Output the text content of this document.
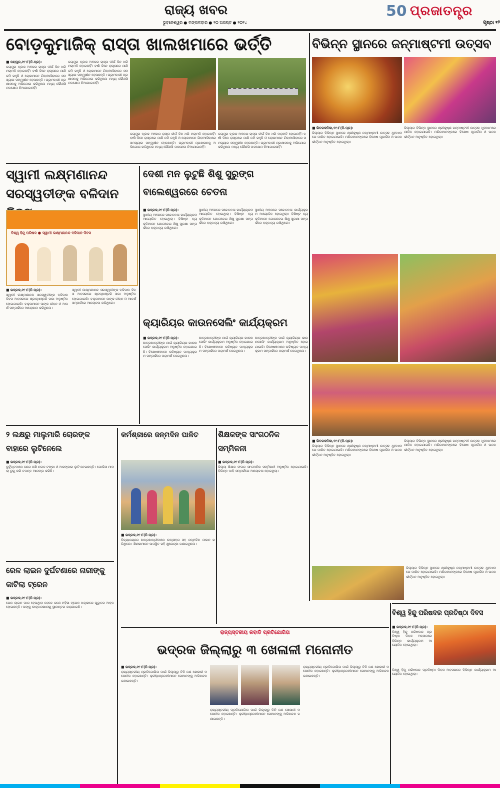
ରାଜ୍ୟ ଖବର
ଭୁବନେଶ୍ୱର ● ମଙ୍ଗଳବାର ● ୨୦ ଅଗଷ୍ଟ ● ୨୦୨୪
50 ପ୍ରଜାତନ୍ତ୍ର
ପୃଷ୍ଠା ୧୨
ବୋଡ଼କୁମାଜିକ୍ ରାସ୍ତା ଖାଲଖମାରେ ଭର୍ତ୍ତି
■ ଜୟପୁର,୧୯।୮(ନି.ପ୍ର):
ଜୟପୁର ବ୍ଲକ ଅଞ୍ଚଳର ରାସ୍ତା ଦୀର୍ଘ ଦିନ ଧରି ମରାମତି ହୋଇନାହିଁ। ବର୍ଷା ଦିନେ ରାସ୍ତାରେ ପାଣି ଜମି ରହୁଛି ଓ ଲୋକମାନେ ଯିବାଆସିବାରେ ସମସ୍ୟାର ସମ୍ମୁଖୀନ ହେଉଛନ୍ତି। ଗ୍ରାମବାସୀ ପ୍ରଶାସନକୁ ଅଭିଯୋଗ କରିଥିଲେ ମଧ୍ୟ କୌଣସି ପଦକ୍ଷେପ ନିଆଯାଇନାହିଁ।
ଜୟପୁର ବ୍ଲକ ଅଞ୍ଚଳର ରାସ୍ତା ଦୀର୍ଘ ଦିନ ଧରି ମରାମତି ହୋଇନାହିଁ। ବର୍ଷା ଦିନେ ରାସ୍ତାରେ ପାଣି ଜମି ରହୁଛି ଓ ଲୋକମାନେ ଯିବାଆସିବାରେ ସମସ୍ୟାର ସମ୍ମୁଖୀନ ହେଉଛନ୍ତି। ଗ୍ରାମବାସୀ ପ୍ରଶାସନକୁ ଅଭିଯୋଗ କରିଥିଲେ ମଧ୍ୟ କୌଣସି ପଦକ୍ଷେପ ନିଆଯାଇନାହିଁ।
ଜୟପୁର ବ୍ଲକ ଅଞ୍ଚଳର ରାସ୍ତା ଦୀର୍ଘ ଦିନ ଧରି ମରାମତି ହୋଇନାହିଁ। ବର୍ଷା ଦିନେ ରାସ୍ତାରେ ପାଣି ଜମି ରହୁଛି ଓ ଲୋକମାନେ ଯିବାଆସିବାରେ ସମସ୍ୟାର ସମ୍ମୁଖୀନ ହେଉଛନ୍ତି। ଗ୍ରାମବାସୀ ପ୍ରଶାସନକୁ ଅଭିଯୋଗ କରିଥିଲେ ମଧ୍ୟ କୌଣସି ପଦକ୍ଷେପ ନିଆଯାଇନାହିଁ।
ଜୟପୁର ବ୍ଲକ ଅଞ୍ଚଳର ରାସ୍ତା ଦୀର୍ଘ ଦିନ ଧରି ମରାମତି ହୋଇନାହିଁ। ବର୍ଷା ଦିନେ ରାସ୍ତାରେ ପାଣି ଜମି ରହୁଛି ଓ ଲୋକମାନେ ଯିବାଆସିବାରେ ସମସ୍ୟାର ସମ୍ମୁଖୀନ ହେଉଛନ୍ତି। ଗ୍ରାମବାସୀ ପ୍ରଶାସନକୁ ଅଭିଯୋଗ କରିଥିଲେ ମଧ୍ୟ କୌଣସି ପଦକ୍ଷେପ ନିଆଯାଇନାହିଁ।
ବିଭିନ୍ନ ସ୍ଥାନରେ ଜନ୍ମାଷ୍ଟମୀ ଉତ୍ସବ
■ ଭିତରକନିକା,୧୯।୮(ନି.ପ୍ର):
ଜିଲ୍ଲାର ବିଭିନ୍ନ ସ୍ଥାନରେ ଶ୍ରୀକୃଷ୍ଣ ଜନ୍ମାଷ୍ଟମୀ ଉତ୍ସବ ଧୁମଧାମରେ ପାଳିତ ହୋଇଯାଇଛି। ମନ୍ଦିରମାନଙ୍କରେ ବିଶେଷ ପୂଜାର୍ଚ୍ଚନା ଓ ଭଜନ କୀର୍ତ୍ତନ ଅନୁଷ୍ଠିତ ହୋଇଥିଲା।
ଜିଲ୍ଲାର ବିଭିନ୍ନ ସ୍ଥାନରେ ଶ୍ରୀକୃଷ୍ଣ ଜନ୍ମାଷ୍ଟମୀ ଉତ୍ସବ ଧୁମଧାମରେ ପାଳିତ ହୋଇଯାଇଛି। ମନ୍ଦିରମାନଙ୍କରେ ବିଶେଷ ପୂଜାର୍ଚ୍ଚନା ଓ ଭଜନ କୀର୍ତ୍ତନ ଅନୁଷ୍ଠିତ ହୋଇଥିଲା।
■ ଭିତରକନିକା,୧୯।୮(ନି.ପ୍ର):
ଜିଲ୍ଲାର ବିଭିନ୍ନ ସ୍ଥାନରେ ଶ୍ରୀକୃଷ୍ଣ ଜନ୍ମାଷ୍ଟମୀ ଉତ୍ସବ ଧୁମଧାମରେ ପାଳିତ ହୋଇଯାଇଛି। ମନ୍ଦିରମାନଙ୍କରେ ବିଶେଷ ପୂଜାର୍ଚ୍ଚନା ଓ ଭଜନ କୀର୍ତ୍ତନ ଅନୁଷ୍ଠିତ ହୋଇଥିଲା।
ଜିଲ୍ଲାର ବିଭିନ୍ନ ସ୍ଥାନରେ ଶ୍ରୀକୃଷ୍ଣ ଜନ୍ମାଷ୍ଟମୀ ଉତ୍ସବ ଧୁମଧାମରେ ପାଳିତ ହୋଇଯାଇଛି। ମନ୍ଦିରମାନଙ୍କରେ ବିଶେଷ ପୂଜାର୍ଚ୍ଚନା ଓ ଭଜନ କୀର୍ତ୍ତନ ଅନୁଷ୍ଠିତ ହୋଇଥିଲା।
ଜିଲ୍ଲାର ବିଭିନ୍ନ ସ୍ଥାନରେ ଶ୍ରୀକୃଷ୍ଣ ଜନ୍ମାଷ୍ଟମୀ ଉତ୍ସବ ଧୁମଧାମରେ ପାଳିତ ହୋଇଯାଇଛି। ମନ୍ଦିରମାନଙ୍କରେ ବିଶେଷ ପୂଜାର୍ଚ୍ଚନା ଓ ଭଜନ କୀର୍ତ୍ତନ ଅନୁଷ୍ଠିତ ହୋଇଥିଲା।
ସ୍ୱାମୀ ଲକ୍ଷ୍ମଣାନନ୍ଦ ସରସ୍ୱତୀଙ୍କ ବଳିଦାନ
ବିଶ୍ୱ ହିନ୍ଦୁ ପରିଷଦ ● ସ୍ୱାମୀ ଲକ୍ଷ୍ମଣାନନ୍ଦ ବଳିଦାନ ଦିବସ
■ ଭଦ୍ରକ,୧୯।୮(ନି.ପ୍ର):
ସ୍ୱାମୀ ଲକ୍ଷ୍ମଣାନନ୍ଦ ସରସ୍ୱତୀଙ୍କ ବଳିଦାନ ଦିବସ ଅବସରରେ ଶ୍ରଦ୍ଧାଞ୍ଜଳି ସଭା ଅନୁଷ୍ଠିତ ହୋଇଯାଇଛି। ବକ୍ତାମାନେ ତାଙ୍କ ଜୀବନ ଓ ଆଦର୍ଶ ସମ୍ପର୍କରେ ଆଲୋଚନା କରିଥିଲେ।
ସ୍ୱାମୀ ଲକ୍ଷ୍ମଣାନନ୍ଦ ସରସ୍ୱତୀଙ୍କ ବଳିଦାନ ଦିବସ ଅବସରରେ ଶ୍ରଦ୍ଧାଞ୍ଜଳି ସଭା ଅନୁଷ୍ଠିତ ହୋଇଯାଇଛି। ବକ୍ତାମାନେ ତାଙ୍କ ଜୀବନ ଓ ଆଦର୍ଶ ସମ୍ପର୍କରେ ଆଲୋଚନା କରିଥିଲେ।
ଦେଶୀ ମନ ଲୁଟୁଛି ଶିଶୁ ସୁରୁଙ୍ଗ ବାଲେଶ୍ୱରରେ ଚେତନା
■ ଭଦ୍ରକ,୧୯।୮(ନି.ପ୍ର):
ସ୍ଥାନୀୟ ଅଞ୍ଚଳରେ ସଚେତନତା କାର୍ଯ୍ୟକ୍ରମ ଆୟୋଜିତ ହୋଇଥିଲା। ବିଶିଷ୍ଟ ବ୍ୟକ୍ତିମାନେ ଯୋଗଦେଇ ଶିଶୁ ସୁରକ୍ଷା ସମ୍ପର୍କରେ ବକ୍ତବ୍ୟ ରଖିଥିଲେ।
ସ୍ଥାନୀୟ ଅଞ୍ଚଳରେ ସଚେତନତା କାର୍ଯ୍ୟକ୍ରମ ଆୟୋଜିତ ହୋଇଥିଲା। ବିଶିଷ୍ଟ ବ୍ୟକ୍ତିମାନେ ଯୋଗଦେଇ ଶିଶୁ ସୁରକ୍ଷା ସମ୍ପର୍କରେ ବକ୍ତବ୍ୟ ରଖିଥିଲେ।
ସ୍ଥାନୀୟ ଅଞ୍ଚଳରେ ସଚେତନତା କାର୍ଯ୍ୟକ୍ରମ ଆୟୋଜିତ ହୋଇଥିଲା। ବିଶିଷ୍ଟ ବ୍ୟକ୍ତିମାନେ ଯୋଗଦେଇ ଶିଶୁ ସୁରକ୍ଷା ସମ୍ପର୍କରେ ବକ୍ତବ୍ୟ ରଖିଥିଲେ।
କ୍ୟାରିୟର କାଉନସେଲିଂ କାର୍ଯ୍ୟକ୍ରମ
■ ଭଦ୍ରକ,୧୯।୮(ନି.ପ୍ର):
ଛାତ୍ରଛାତ୍ରୀଙ୍କ ପାଇଁ କ୍ୟାରିୟର କାଉନସେଲିଂ କାର୍ଯ୍ୟକ୍ରମ ଅନୁଷ୍ଠିତ ହୋଇଯାଇଛି। ବିଶେଷଜ୍ଞମାନେ ଭବିଷ୍ୟତ ପାଠ୍ୟକ୍ରମ ସମ୍ପର୍କରେ ପରାମର୍ଶ ଦେଇଥିଲେ।
ଛାତ୍ରଛାତ୍ରୀଙ୍କ ପାଇଁ କ୍ୟାରିୟର କାଉନସେଲିଂ କାର୍ଯ୍ୟକ୍ରମ ଅନୁଷ୍ଠିତ ହୋଇଯାଇଛି। ବିଶେଷଜ୍ଞମାନେ ଭବିଷ୍ୟତ ପାଠ୍ୟକ୍ରମ ସମ୍ପର୍କରେ ପରାମର୍ଶ ଦେଇଥିଲେ।
ଛାତ୍ରଛାତ୍ରୀଙ୍କ ପାଇଁ କ୍ୟାରିୟର କାଉନସେଲିଂ କାର୍ଯ୍ୟକ୍ରମ ଅନୁଷ୍ଠିତ ହୋଇଯାଇଛି। ବିଶେଷଜ୍ଞମାନେ ଭବିଷ୍ୟତ ପାଠ୍ୟକ୍ରମ ସମ୍ପର୍କରେ ପରାମର୍ଶ ଦେଇଥିଲେ।
୨ ଲକ୍ଷରୁ ମାଲୁମାରି ଚୋରଙ୍କ ବାହାରେ ଲୁଟିନେଲେ
■ ଭଦ୍ରକ,୧୯।୮(ନି.ପ୍ର):
ଦୁର୍ବୃତ୍ତମାନେ ଘରେ ପଶି ନଗଦ ଟଙ୍କା ଓ ଅଳଙ୍କାର ଲୁଟି ନେଇଛନ୍ତି। ପୋଲିସ ମାମଲା ରୁଜୁ କରି ତଦନ୍ତ ଆରମ୍ଭ କରିଛି।
ରେଳ ଲାଇନ ଦୁର୍ଘଟଣାରେ ନାରୀଙ୍କୁ କାଟିଲା ଟ୍ରେନ
■ ଭଦ୍ରକ,୧୯।୮(ନି.ପ୍ର):
ରେଳ ଲାଇନ ପାର ହେଉଥିବା ବେଳେ ଜଣେ ମହିଳା ଟ୍ରେନ ଧକ୍କାରେ ଗୁରୁତର ଆହତ ହୋଇଛନ୍ତି। ତାଙ୍କୁ ଡାକ୍ତରଖାନାକୁ ସ୍ଥାନାନ୍ତର କରାଯାଇଛି।
କର୍ମଶ୍ରୀରେ ଜନ୍ମଦିନ ପାଳିତ
■ ଭଦ୍ରକ,୧୯।୮(ନି.ପ୍ର):
ବିଦ୍ୟାଳୟରେ ଛାତ୍ରଛାତ୍ରୀମାନେ ଉତ୍ସାହର ସହ ଜନ୍ମଦିନ ପାଳନ କରିଥିଲେ। ଶିକ୍ଷକମାନେ ଉପସ୍ଥିତ ରହି ଶୁଭେଚ୍ଛା ଜଣାଇଥିଲେ।
ଶିକ୍ଷକଙ୍କ ସାଂଗଠନିକ ସମ୍ମିଳନୀ
■ ଭଦ୍ରକ,୧୯।୮(ନି.ପ୍ର):
ଜିଲ୍ଲା ଶିକ୍ଷକ ସଂଘର ସାଂଗଠନିକ ସମ୍ମିଳନୀ ଅନୁଷ୍ଠିତ ହୋଇଯାଇଛି। ବିଭିନ୍ନ ଦାବି ସମ୍ପର୍କରେ ଆଲୋଚନା ହୋଇଥିଲା।
ରାଜ୍ୟସ୍ତରୀୟ କବାଡି ପ୍ରତିଯୋଗିତା
ଭଦ୍ରକ ଜିଲ୍ଲାରୁ ୩ ଖେଳାଳୀ ମନୋନୀତ
■ ଭଦ୍ରକ,୧୯।୮(ନି.ପ୍ର):
ରାଜ୍ୟସ୍ତରୀୟ ପ୍ରତିଯୋଗିତା ପାଇଁ ଜିଲ୍ଲାରୁ ତିନି ଜଣ ଖେଳାଳୀ ମନୋନୀତ ହୋଇଛନ୍ତି। କ୍ରୀଡ଼ାପ୍ରେମୀମାନେ ସେମାନଙ୍କୁ ଅଭିନନ୍ଦନ ଜଣାଇଛନ୍ତି।
ରାଜ୍ୟସ୍ତରୀୟ ପ୍ରତିଯୋଗିତା ପାଇଁ ଜିଲ୍ଲାରୁ ତିନି ଜଣ ଖେଳାଳୀ ମନୋନୀତ ହୋଇଛନ୍ତି। କ୍ରୀଡ଼ାପ୍ରେମୀମାନେ ସେମାନଙ୍କୁ ଅଭିନନ୍ଦନ ଜଣାଇଛନ୍ତି।
ରାଜ୍ୟସ୍ତରୀୟ ପ୍ରତିଯୋଗିତା ପାଇଁ ଜିଲ୍ଲାରୁ ତିନି ଜଣ ଖେଳାଳୀ ମନୋନୀତ ହୋଇଛନ୍ତି। କ୍ରୀଡ଼ାପ୍ରେମୀମାନେ ସେମାନଙ୍କୁ ଅଭିନନ୍ଦନ ଜଣାଇଛନ୍ତି।
ବିଶ୍ୱ ହିନ୍ଦୁ ପରିଷଦର ପ୍ରତିଷ୍ଠା ଦିବସ
■ ଭଦ୍ରକ,୧୯।୮(ନି.ପ୍ର):
ବିଶ୍ୱ ହିନ୍ଦୁ ପରିଷଦର ପ୍ରତିଷ୍ଠା ଦିବସ ଅବସରରେ ବିଭିନ୍ନ କାର୍ଯ୍ୟକ୍ରମ ଆୟୋଜିତ ହୋଇଥିଲା।
ବିଶ୍ୱ ହିନ୍ଦୁ ପରିଷଦର ପ୍ରତିଷ୍ଠା ଦିବସ ଅବସରରେ ବିଭିନ୍ନ କାର୍ଯ୍ୟକ୍ରମ ଆୟୋଜିତ ହୋଇଥିଲା।
